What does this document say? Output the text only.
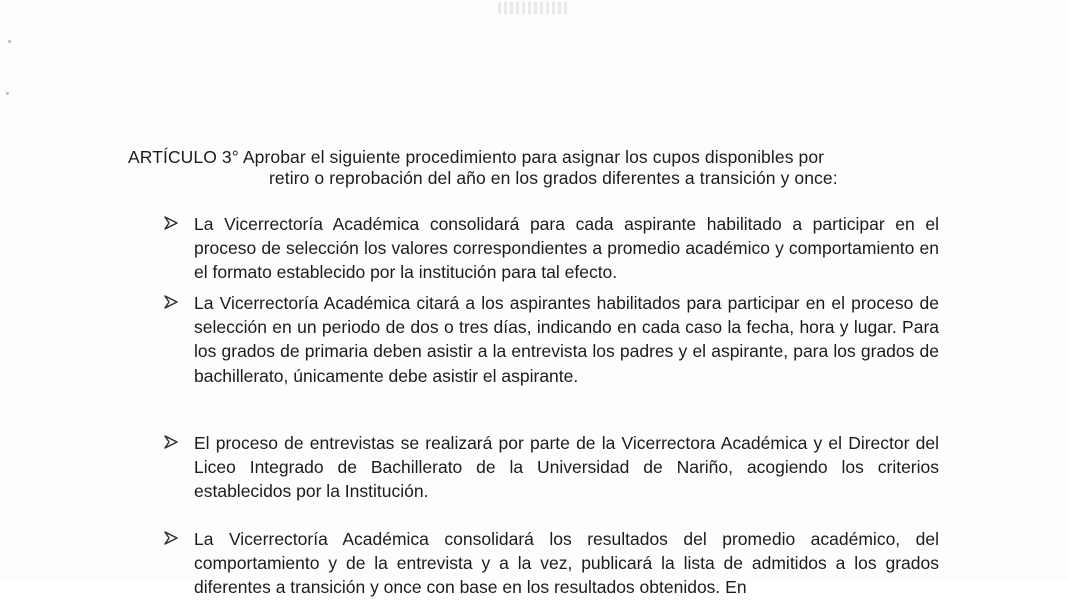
ARTÍCULO 3° Aprobar el siguiente procedimiento para asignar los cupos disponibles por
retiro o reprobación del año en los grados diferentes a transición y once:
La Vicerrectoría Académica consolidará para cada aspirante habilitado a participar en el proceso de selección los valores correspondientes a promedio académico y comportamiento en el formato establecido por la institución para tal efecto.
La Vicerrectoría Académica citará a los aspirantes habilitados para participar en el proceso de selección en un periodo de dos o tres días, indicando en cada caso la fecha, hora y lugar. Para los grados de primaria deben asistir a la entrevista los padres y el aspirante, para los grados de bachillerato, únicamente debe asistir el aspirante.
El proceso de entrevistas se realizará por parte de la Vicerrectora Académica y el Director del Liceo Integrado de Bachillerato de la Universidad de Nariño, acogiendo los criterios establecidos por la Institución.
La Vicerrectoría Académica consolidará los resultados del promedio académico, del comportamiento y de la entrevista y a la vez, publicará la lista de admitidos a los grados diferentes a transición y once con base en los resultados obtenidos. En
